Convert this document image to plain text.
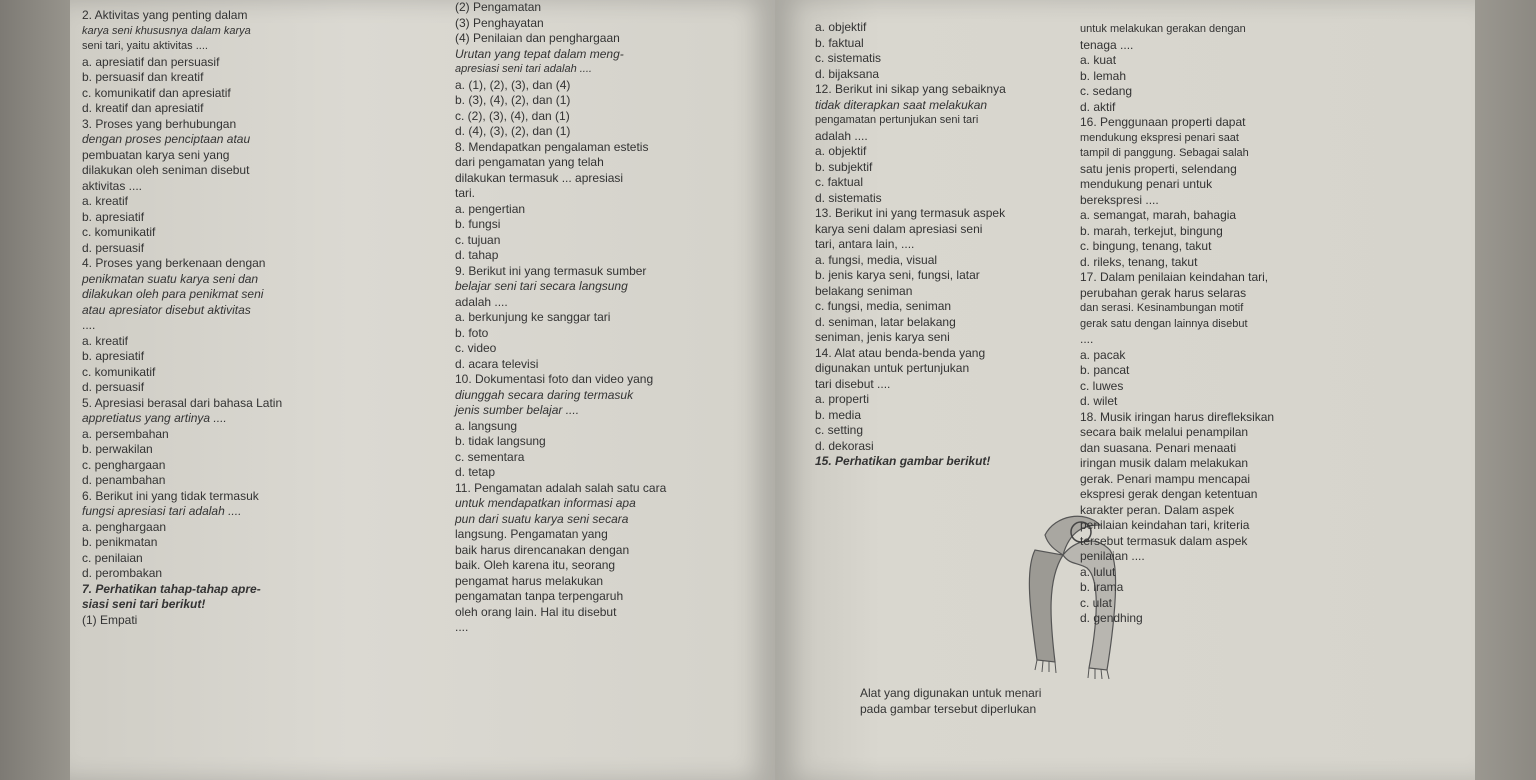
2. Aktivitas yang penting dalam
karya seni khususnya dalam karya
seni tari, yaitu aktivitas ....
a. apresiatif dan persuasif
b. persuasif dan kreatif
c. komunikatif dan apresiatif
d. kreatif dan apresiatif
3. Proses yang berhubungan
dengan proses penciptaan atau
pembuatan karya seni yang
dilakukan oleh seniman disebut
aktivitas ....
a. kreatif
b. apresiatif
c. komunikatif
d. persuasif
4. Proses yang berkenaan dengan
penikmatan suatu karya seni dan
dilakukan oleh para penikmat seni
atau apresiator disebut aktivitas
....
a. kreatif
b. apresiatif
c. komunikatif
d. persuasif
5. Apresiasi berasal dari bahasa Latin
appretiatus yang artinya ....
a. persembahan
b. perwakilan
c. penghargaan
d. penambahan
6. Berikut ini yang tidak termasuk
fungsi apresiasi tari adalah ....
a. penghargaan
b. penikmatan
c. penilaian
d. perombakan
7. Perhatikan tahap-tahap apre-
siasi seni tari berikut!
(1) Empati
(2) Pengamatan
(3) Penghayatan
(4) Penilaian dan penghargaan
Urutan yang tepat dalam meng-
apresiasi seni tari adalah ....
a. (1), (2), (3), dan (4)
b. (3), (4), (2), dan (1)
c. (2), (3), (4), dan (1)
d. (4), (3), (2), dan (1)
8. Mendapatkan pengalaman estetis
dari pengamatan yang telah
dilakukan termasuk ... apresiasi
tari.
a. pengertian
b. fungsi
c. tujuan
d. tahap
9. Berikut ini yang termasuk sumber
belajar seni tari secara langsung
adalah ....
a. berkunjung ke sanggar tari
b. foto
c. video
d. acara televisi
10. Dokumentasi foto dan video yang
diunggah secara daring termasuk
jenis sumber belajar ....
a. langsung
b. tidak langsung
c. sementara
d. tetap
11. Pengamatan adalah salah satu cara
untuk mendapatkan informasi apa
pun dari suatu karya seni secara
langsung. Pengamatan yang
baik harus direncanakan dengan
baik. Oleh karena itu, seorang
pengamat harus melakukan
pengamatan tanpa terpengaruh
oleh orang lain. Hal itu disebut
....
a. objektif
b. faktual
c. sistematis
d. bijaksana
12. Berikut ini sikap yang sebaiknya
tidak diterapkan saat melakukan
pengamatan pertunjukan seni tari
adalah ....
a. objektif
b. subjektif
c. faktual
d. sistematis
13. Berikut ini yang termasuk aspek
karya seni dalam apresiasi seni
tari, antara lain, ....
a. fungsi, media, visual
b. jenis karya seni, fungsi, latar
belakang seniman
c. fungsi, media, seniman
d. seniman, latar belakang
seniman, jenis karya seni
14. Alat atau benda-benda yang
digunakan untuk pertunjukan
tari disebut ....
a. properti
b. media
c. setting
d. dekorasi
15. Perhatikan gambar berikut!
Alat yang digunakan untuk menari
pada gambar tersebut diperlukan
untuk melakukan gerakan dengan
tenaga ....
a. kuat
b. lemah
c. sedang
d. aktif
16. Penggunaan properti dapat
mendukung ekspresi penari saat
tampil di panggung. Sebagai salah
satu jenis properti, selendang
mendukung penari untuk
berekspresi ....
a. semangat, marah, bahagia
b. marah, terkejut, bingung
c. bingung, tenang, takut
d. rileks, tenang, takut
17. Dalam penilaian keindahan tari,
perubahan gerak harus selaras
dan serasi. Kesinambungan motif
gerak satu dengan lainnya disebut
....
a. pacak
b. pancat
c. luwes
d. wilet
18. Musik iringan harus direfleksikan
secara baik melalui penampilan
dan suasana. Penari menaati
iringan musik dalam melakukan
gerak. Penari mampu mencapai
ekspresi gerak dengan ketentuan
karakter peran. Dalam aspek
penilaian keindahan tari, kriteria
tersebut termasuk dalam aspek
penilaian ....
a. lulut
b. irama
c. ulat
d. gendhing
